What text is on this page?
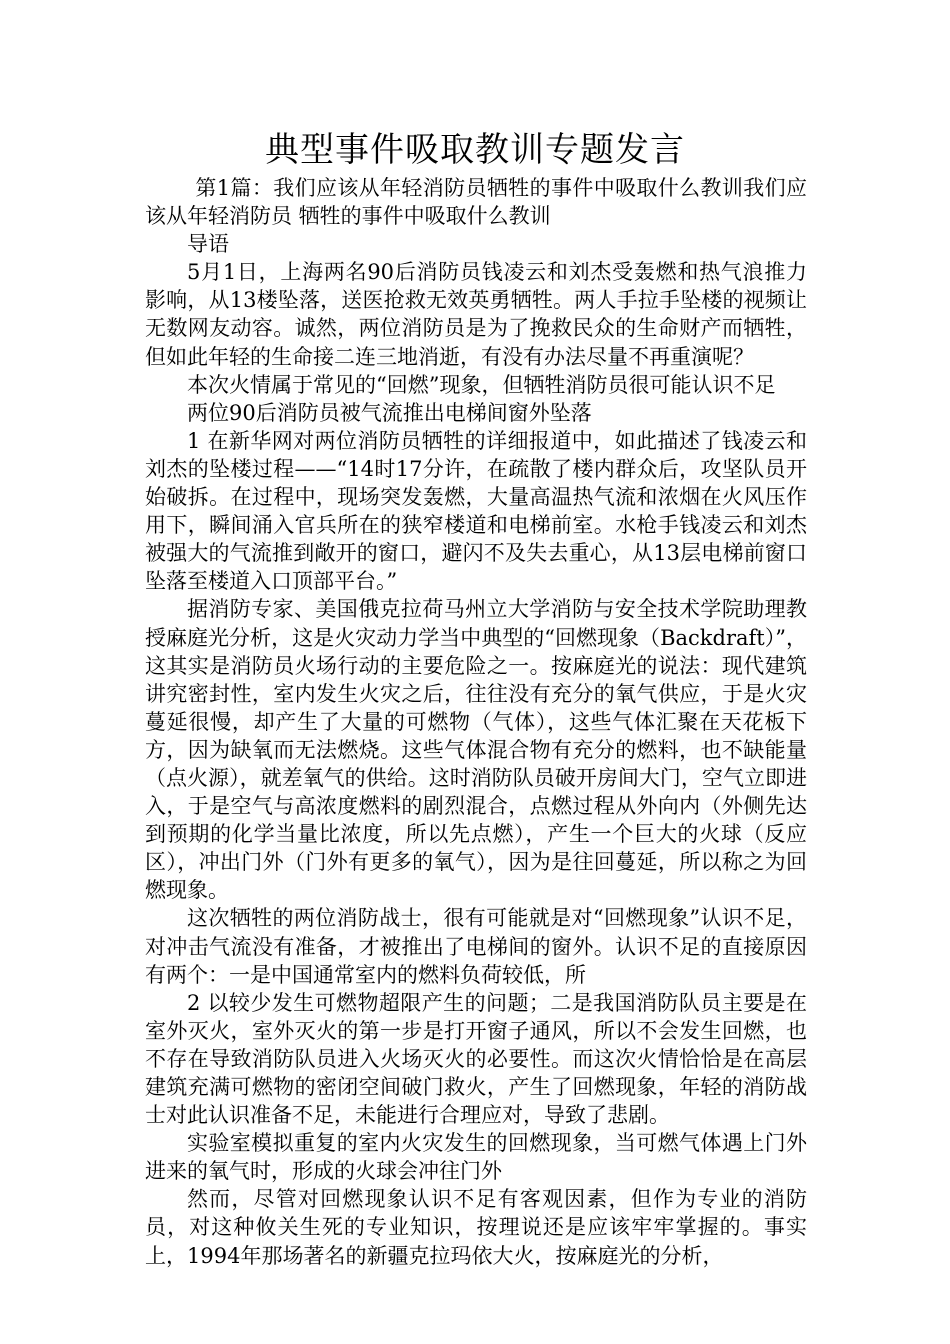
典型事件吸取教训专题发言

第1篇：我们应该从年轻消防员牺牲的事件中吸取什么教训我们应该从年轻消防员 牺牲的事件中吸取什么教训

导语

5月1日，上海两名90后消防员钱凌云和刘杰受轰燃和热气浪推力影响，从13楼坠落，送医抢救无效英勇牺牲。两人手拉手坠楼的视频让无数网友动容。诚然，两位消防员是为了挽救民众的生命财产而牺牲，但如此年轻的生命接二连三地消逝，有没有办法尽量不再重演呢？

本次火情属于常见的“回燃”现象，但牺牲消防员很可能认识不足

两位90后消防员被气流推出电梯间窗外坠落

1 在新华网对两位消防员牺牲的详细报道中，如此描述了钱凌云和刘杰的坠楼过程——“14时17分许，在疏散了楼内群众后，攻坚队员开始破拆。在过程中，现场突发轰燃，大量高温热气流和浓烟在火风压作用下，瞬间涌入官兵所在的狭窄楼道和电梯前室。水枪手钱凌云和刘杰被强大的气流推到敞开的窗口，避闪不及失去重心，从13层电梯前窗口坠落至楼道入口顶部平台。”

据消防专家、美国俄克拉荷马州立大学消防与安全技术学院助理教授麻庭光分析，这是火灾动力学当中典型的“回燃现象（Backdraft）”，这其实是消防员火场行动的主要危险之一。按麻庭光的说法：现代建筑讲究密封性，室内发生火灾之后，往往没有充分的氧气供应，于是火灾蔓延很慢，却产生了大量的可燃物（气体），这些气体汇聚在天花板下方，因为缺氧而无法燃烧。这些气体混合物有充分的燃料，也不缺能量（点火源），就差氧气的供给。这时消防队员破开房间大门，空气立即进入，于是空气与高浓度燃料的剧烈混合，点燃过程从外向内（外侧先达到预期的化学当量比浓度，所以先点燃），产生一个巨大的火球（反应区），冲出门外（门外有更多的氧气），因为是往回蔓延，所以称之为回燃现象。

这次牺牲的两位消防战士，很有可能就是对“回燃现象”认识不足，对冲击气流没有准备，才被推出了电梯间的窗外。认识不足的直接原因有两个：一是中国通常室内的燃料负荷较低，所

2 以较少发生可燃物超限产生的问题；二是我国消防队员主要是在室外灭火，室外灭火的第一步是打开窗子通风，所以不会发生回燃，也不存在导致消防队员进入火场灭火的必要性。而这次火情恰恰是在高层建筑充满可燃物的密闭空间破门救火，产生了回燃现象，年轻的消防战士对此认识准备不足，未能进行合理应对，导致了悲剧。

实验室模拟重复的室内火灾发生的回燃现象，当可燃气体遇上门外进来的氧气时，形成的火球会冲往门外

然而，尽管对回燃现象认识不足有客观因素，但作为专业的消防员，对这种攸关生死的专业知识，按理说还是应该牢牢掌握的。事实上，1994年那场著名的新疆克拉玛依大火，按麻庭光的分析，
